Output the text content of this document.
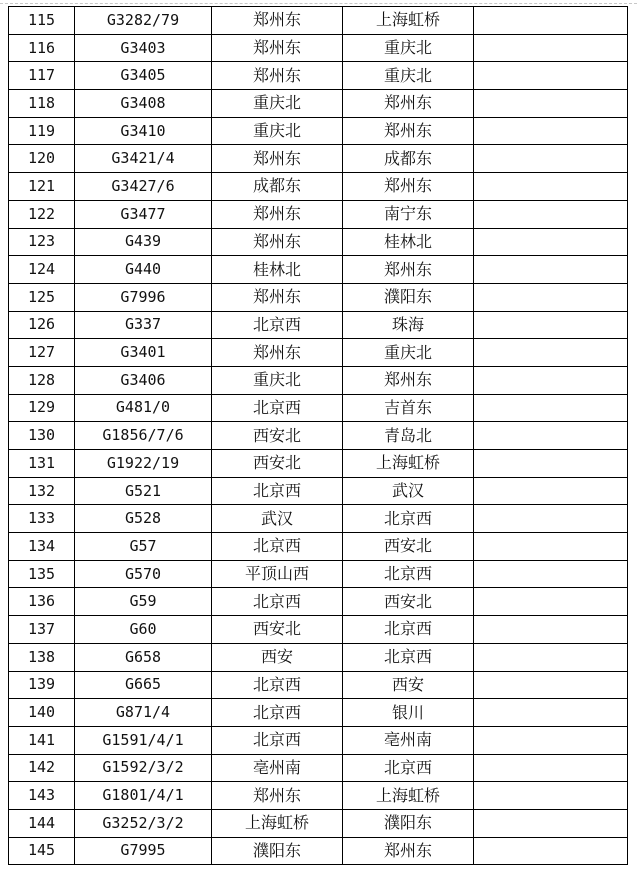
115	G3282/79	郑州东	上海虹桥	
116	G3403	郑州东	重庆北	
117	G3405	郑州东	重庆北	
118	G3408	重庆北	郑州东	
119	G3410	重庆北	郑州东	
120	G3421/4	郑州东	成都东	
121	G3427/6	成都东	郑州东	
122	G3477	郑州东	南宁东	
123	G439	郑州东	桂林北	
124	G440	桂林北	郑州东	
125	G7996	郑州东	濮阳东	
126	G337	北京西	珠海	
127	G3401	郑州东	重庆北	
128	G3406	重庆北	郑州东	
129	G481/0	北京西	吉首东	
130	G1856/7/6	西安北	青岛北	
131	G1922/19	西安北	上海虹桥	
132	G521	北京西	武汉	
133	G528	武汉	北京西	
134	G57	北京西	西安北	
135	G570	平顶山西	北京西	
136	G59	北京西	西安北	
137	G60	西安北	北京西	
138	G658	西安	北京西	
139	G665	北京西	西安	
140	G871/4	北京西	银川	
141	G1591/4/1	北京西	亳州南	
142	G1592/3/2	亳州南	北京西	
143	G1801/4/1	郑州东	上海虹桥	
144	G3252/3/2	上海虹桥	濮阳东	
145	G7995	濮阳东	郑州东	
